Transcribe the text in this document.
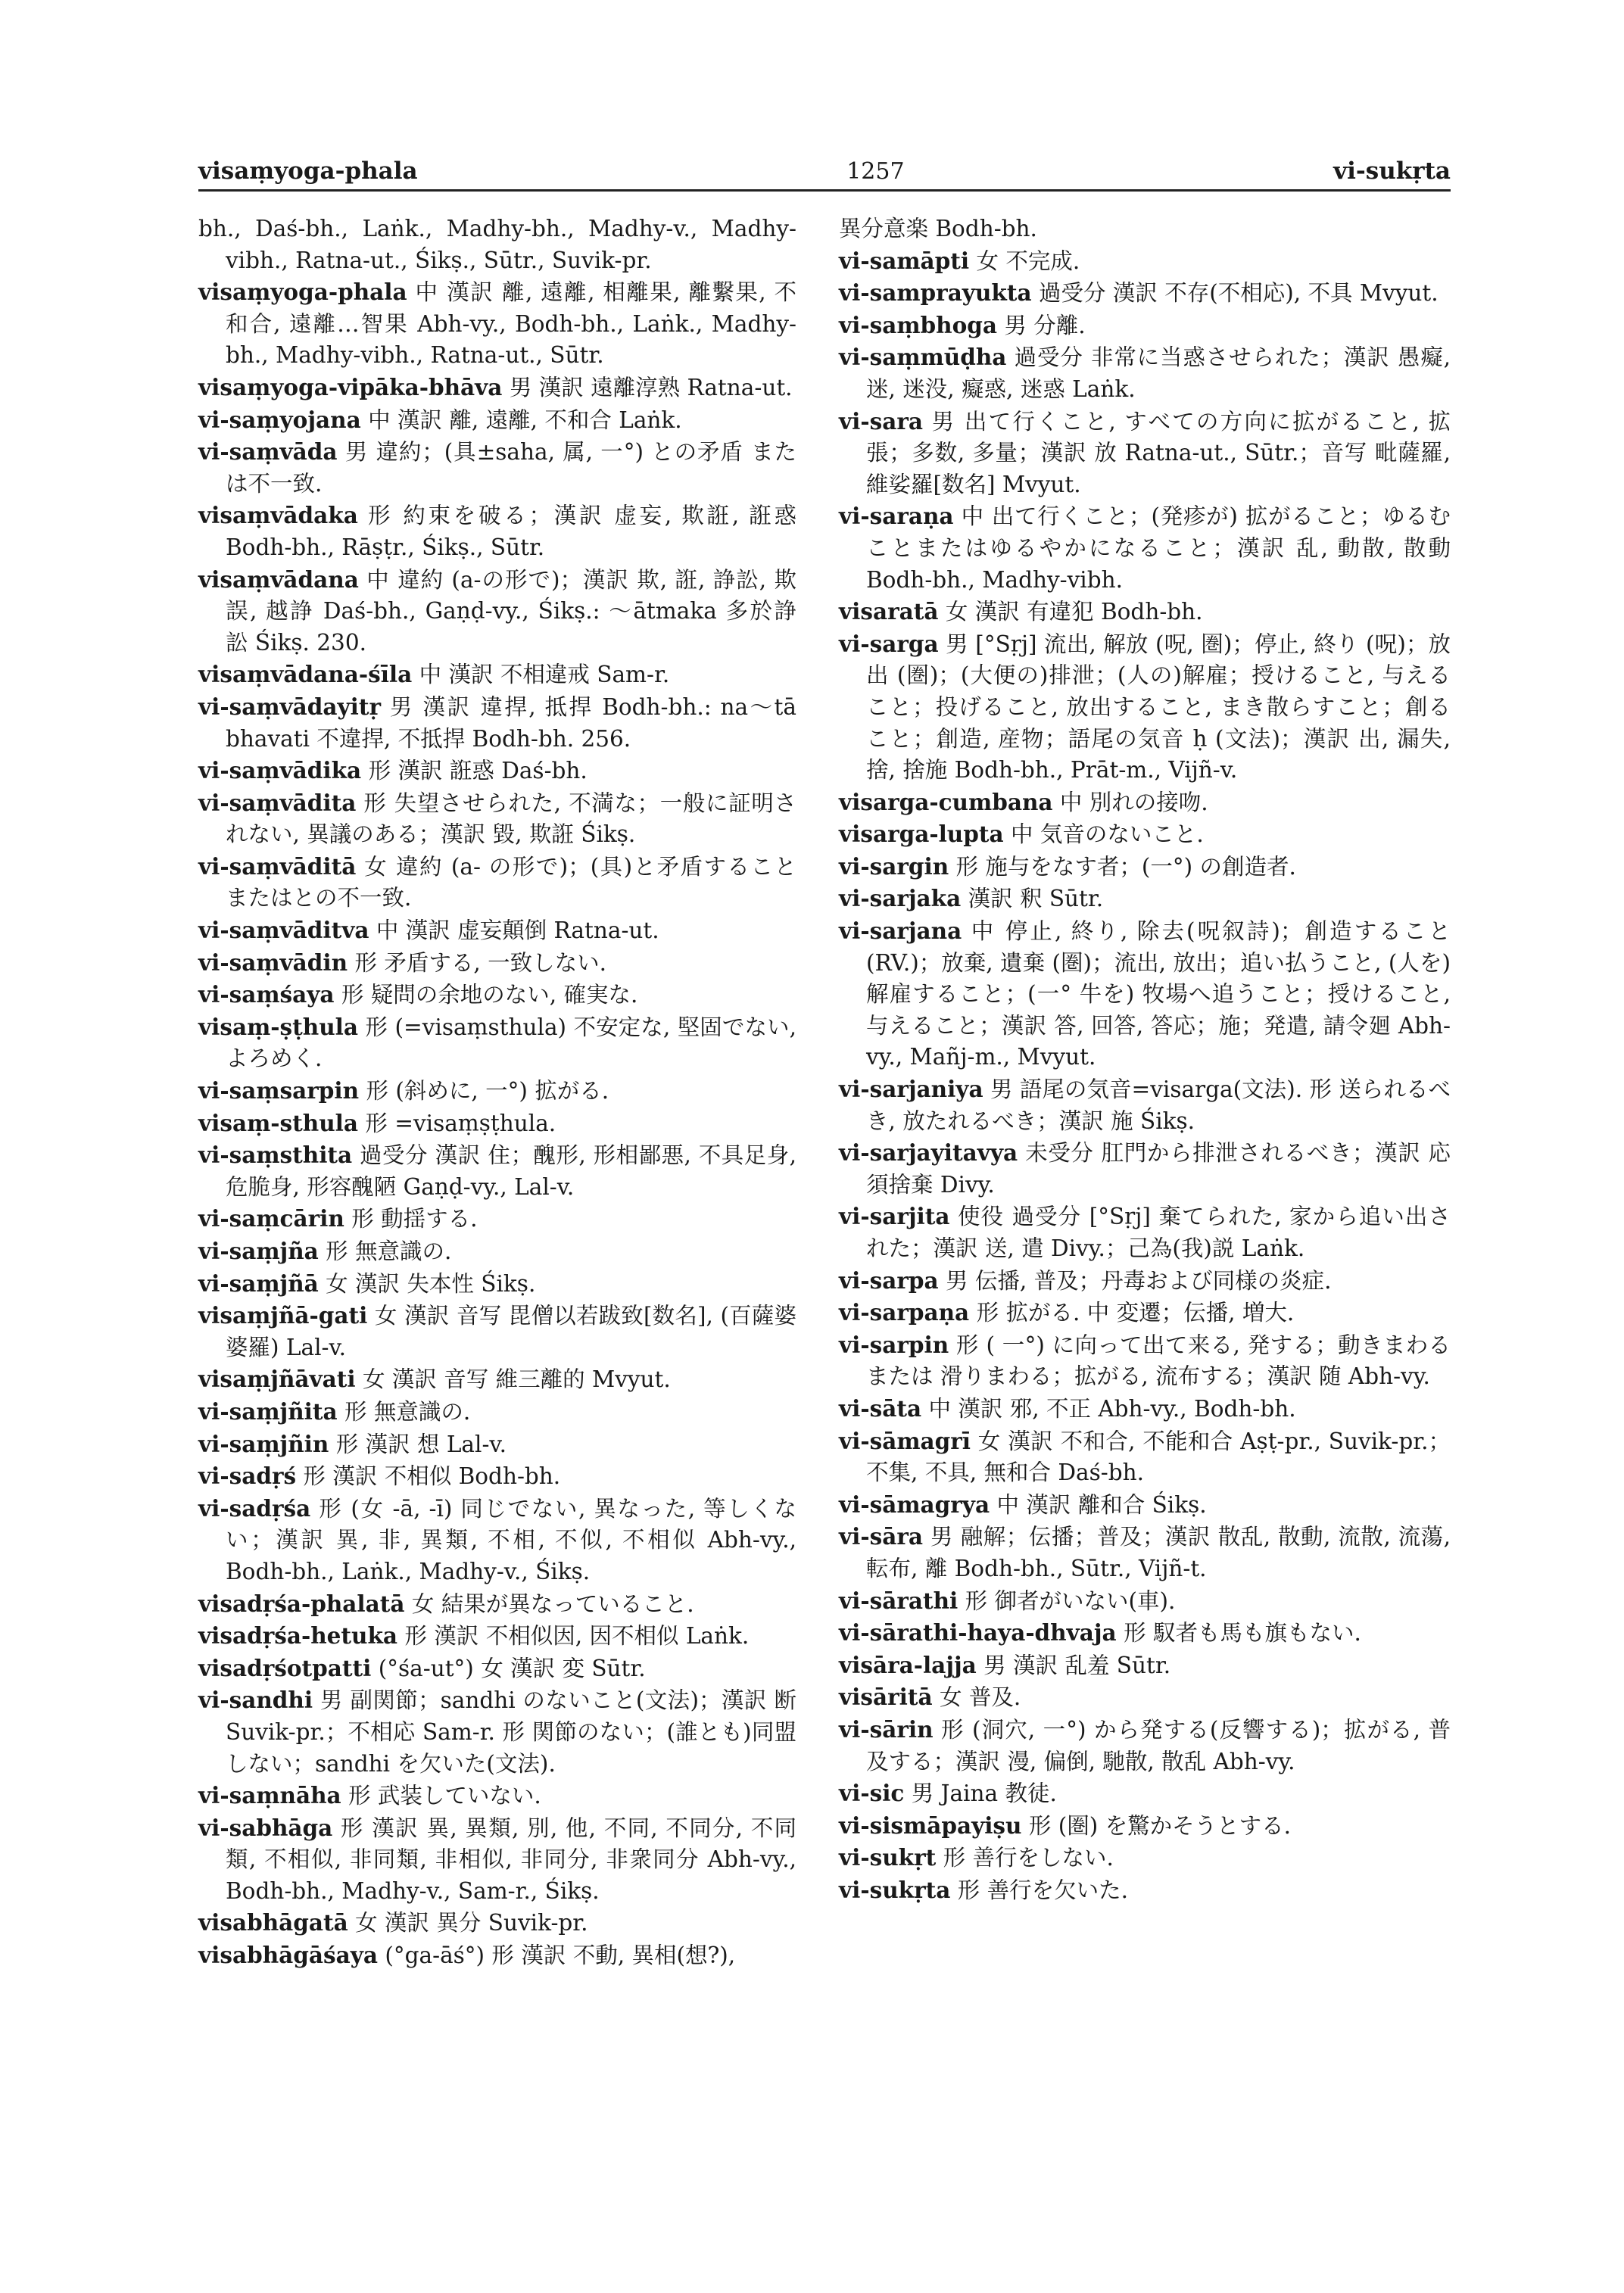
visaṃyoga-phala	1257	vi-sukṛta
bh., Daś-bh., Laṅk., Madhy-bh., Madhy-v., Madhy-vibh., Ratna-ut., Śikṣ., Sūtr., Suvik-pr.
visaṃyoga-phala 中 漢訳 離, 遠離, 相離果, 離繫果, 不和合, 遠離…智果 Abh-vy., Bodh-bh., Laṅk., Madhy-bh., Madhy-vibh., Ratna-ut., Sūtr.
visaṃyoga-vipāka-bhāva 男 漢訳 遠離淳熟 Ratna-ut.
vi-saṃyojana 中 漢訳 離, 遠離, 不和合 Laṅk.
vi-saṃvāda 男 違約；(具±saha, 属, 一°) との矛盾 または不一致.
visaṃvādaka 形 約束を破る；漢訳 虚妄, 欺誑, 誑惑 Bodh-bh., Rāṣṭr., Śikṣ., Sūtr.
visaṃvādana 中 違約 (a-の形で)；漢訳 欺, 誑, 諍訟, 欺誤, 越諍 Daś-bh., Gaṇḍ-vy., Śikṣ.: ～ātmaka 多於諍訟 Śikṣ. 230.
visaṃvādana-śīla 中 漢訳 不相違戒 Sam-r.
vi-saṃvādayitṛ 男 漢訳 違捍, 抵捍 Bodh-bh.: na～tā bhavati 不違捍, 不抵捍 Bodh-bh. 256.
vi-saṃvādika 形 漢訳 誑惑 Daś-bh.
vi-saṃvādita 形 失望させられた, 不満な；一般に証明されない, 異議のある；漢訳 毀, 欺誑 Śikṣ.
vi-saṃvāditā 女 違約 (a- の形で)；(具)と矛盾することまたはとの不一致.
vi-saṃvāditva 中 漢訳 虚妄顛倒 Ratna-ut.
vi-saṃvādin 形 矛盾する, 一致しない.
vi-saṃśaya 形 疑問の余地のない, 確実な.
visaṃ-ṣṭhula 形 (=visaṃsthula) 不安定な, 堅固でない, よろめく.
vi-saṃsarpin 形 (斜めに, 一°) 拡がる.
visaṃ-sthula 形 =visaṃṣṭhula.
vi-saṃsthita 過受分 漢訳 住；醜形, 形相鄙悪, 不具足身, 危脆身, 形容醜陋 Gaṇḍ-vy., Lal-v.
vi-saṃcārin 形 動揺する.
vi-saṃjña 形 無意識の.
vi-saṃjñā 女 漢訳 失本性 Śikṣ.
visaṃjñā-gati 女 漢訳 音写 毘僧以若跋致[数名], (百薩婆婆羅) Lal-v.
visaṃjñāvati 女 漢訳 音写 維三離的 Mvyut.
vi-saṃjñita 形 無意識の.
vi-saṃjñin 形 漢訳 想 Lal-v.
vi-sadṛś 形 漢訳 不相似 Bodh-bh.
vi-sadṛśa 形 (女 -ā, -ī) 同じでない, 異なった, 等しくない；漢訳 異, 非, 異類, 不相, 不似, 不相似 Abh-vy., Bodh-bh., Laṅk., Madhy-v., Śikṣ.
visadṛśa-phalatā 女 結果が異なっていること.
visadṛśa-hetuka 形 漢訳 不相似因, 因不相似 Laṅk.
visadṛśotpatti (°śa-ut°) 女 漢訳 変 Sūtr.
vi-sandhi 男 副関節；sandhi のないこと(文法)；漢訳 断 Suvik-pr.；不相応 Sam-r. 形 関節のない；(誰とも)同盟しない；sandhi を欠いた(文法).
vi-saṃnāha 形 武装していない.
vi-sabhāga 形 漢訳 異, 異類, 別, 他, 不同, 不同分, 不同類, 不相似, 非同類, 非相似, 非同分, 非衆同分 Abh-vy., Bodh-bh., Madhy-v., Sam-r., Śikṣ.
visabhāgatā 女 漢訳 異分 Suvik-pr.
visabhāgāśaya (°ga-āś°) 形 漢訳 不動, 異相(想?),
異分意楽 Bodh-bh.
vi-samāpti 女 不完成.
vi-samprayukta 過受分 漢訳 不存(不相応), 不具 Mvyut.
vi-saṃbhoga 男 分離.
vi-saṃmūḍha 過受分 非常に当惑させられた；漢訳 愚癡, 迷, 迷没, 癡惑, 迷惑 Laṅk.
vi-sara 男 出て行くこと, すべての方向に拡がること, 拡張；多数, 多量；漢訳 放 Ratna-ut., Sūtr.；音写 毗薩羅, 維娑羅[数名] Mvyut.
vi-saraṇa 中 出て行くこと；(発疹が) 拡がること；ゆるむことまたはゆるやかになること；漢訳 乱, 動散, 散動 Bodh-bh., Madhy-vibh.
visaratā 女 漢訳 有違犯 Bodh-bh.
vi-sarga 男 [°Sṛj] 流出, 解放 (呪, 圏)；停止, 終り (呪)；放出 (圏)；(大便の)排泄；(人の)解雇；授けること, 与えること；投げること, 放出すること, まき散らすこと；創ること；創造, 産物；語尾の気音 ḥ (文法)；漢訳 出, 漏失, 捨, 捨施 Bodh-bh., Prāt-m., Vijñ-v.
visarga-cumbana 中 別れの接吻.
visarga-lupta 中 気音のないこと.
vi-sargin 形 施与をなす者；(一°) の創造者.
vi-sarjaka 漢訳 釈 Sūtr.
vi-sarjana 中 停止, 終り, 除去(呪叙詩)；創造すること (RV.)；放棄, 遺棄 (圏)；流出, 放出；追い払うこと, (人を)解雇すること；(一° 牛を) 牧場へ追うこと；授けること, 与えること；漢訳 答, 回答, 答応；施；発遣, 請令廻 Abh-vy., Mañj-m., Mvyut.
vi-sarjaniya 男 語尾の気音=visarga(文法). 形 送られるべき, 放たれるべき；漢訳 施 Śikṣ.
vi-sarjayitavya 未受分 肛門から排泄されるべき；漢訳 応須捨棄 Divy.
vi-sarjita 使役 過受分 [°Sṛj] 棄てられた, 家から追い出された；漢訳 送, 遣 Divy.；己為(我)説 Laṅk.
vi-sarpa 男 伝播, 普及；丹毒および同様の炎症.
vi-sarpaṇa 形 拡がる. 中 変遷；伝播, 増大.
vi-sarpin 形 ( 一°) に向って出て来る, 発する；動きまわる または 滑りまわる；拡がる, 流布する；漢訳 随 Abh-vy.
vi-sāta 中 漢訳 邪, 不正 Abh-vy., Bodh-bh.
vi-sāmagrī 女 漢訳 不和合, 不能和合 Aṣṭ-pr., Suvik-pr.；不集, 不具, 無和合 Daś-bh.
vi-sāmagrya 中 漢訳 離和合 Śikṣ.
vi-sāra 男 融解；伝播；普及；漢訳 散乱, 散動, 流散, 流蕩, 転布, 離 Bodh-bh., Sūtr., Vijñ-t.
vi-sārathi 形 御者がいない(車).
vi-sārathi-haya-dhvaja 形 馭者も馬も旗もない.
visāra-lajja 男 漢訳 乱羞 Sūtr.
visāritā 女 普及.
vi-sārin 形 (洞穴, 一°) から発する(反響する)；拡がる, 普及する；漢訳 漫, 偏倒, 馳散, 散乱 Abh-vy.
vi-sic 男 Jaina 教徒.
vi-sismāpayiṣu 形 (圏) を驚かそうとする.
vi-sukṛt 形 善行をしない.
vi-sukṛta 形 善行を欠いた.
